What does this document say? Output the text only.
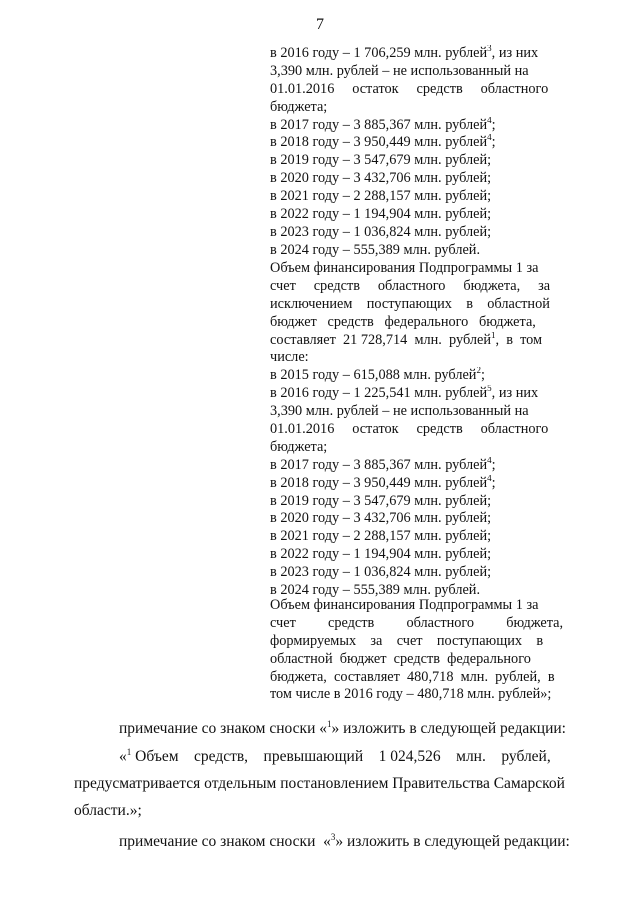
7
в 2016 году – 1 706,259 млн. рублей$^3$, из них
3,390 млн. рублей – не использованный на
01.01.2016     остаток     средств     областного
бюджета;
в 2017 году – 3 885,367 млн. рублей$^4$;
в 2018 году – 3 950,449 млн. рублей$^4$;
в 2019 году – 3 547,679 млн. рублей;
в 2020 году – 3 432,706 млн. рублей;
в 2021 году – 2 288,157 млн. рублей;
в 2022 году – 1 194,904 млн. рублей;
в 2023 году – 1 036,824 млн. рублей;
в 2024 году – 555,389 млн. рублей.
Объем финансирования Подпрограммы 1 за
счет     средств     областного     бюджета,     за
исключением    поступающих    в    областной
бюджет   средств   федерального   бюджета,
составляет  21 728,714  млн.  рублей$^1$,  в  том
числе:
в 2015 году – 615,088 млн. рублей$^2$;
в 2016 году – 1 225,541 млн. рублей$^5$, из них
3,390 млн. рублей – не использованный на
01.01.2016     остаток     средств     областного
бюджета;
в 2017 году – 3 885,367 млн. рублей$^4$;
в 2018 году – 3 950,449 млн. рублей$^4$;
в 2019 году – 3 547,679 млн. рублей;
в 2020 году – 3 432,706 млн. рублей;
в 2021 году – 2 288,157 млн. рублей;
в 2022 году – 1 194,904 млн. рублей;
в 2023 году – 1 036,824 млн. рублей;
в 2024 году – 555,389 млн. рублей.
Объем финансирования Подпрограммы 1 за
счет         средств         областного         бюджета,
формируемых    за    счет    поступающих    в
областной  бюджет  средств  федерального
бюджета,  составляет  480,718  млн.  рублей,  в
том числе в 2016 году – 480,718 млн. рублей»;
примечание со знаком сноски «$^1$» изложить в следующей редакции:
«$^1$ Объем    средств,    превышающий    1 024,526    млн.    рублей,
предусматривается отдельным постановлением Правительства Самарской
области.»;
примечание со знаком сноски  «$^3$» изложить в следующей редакции:
